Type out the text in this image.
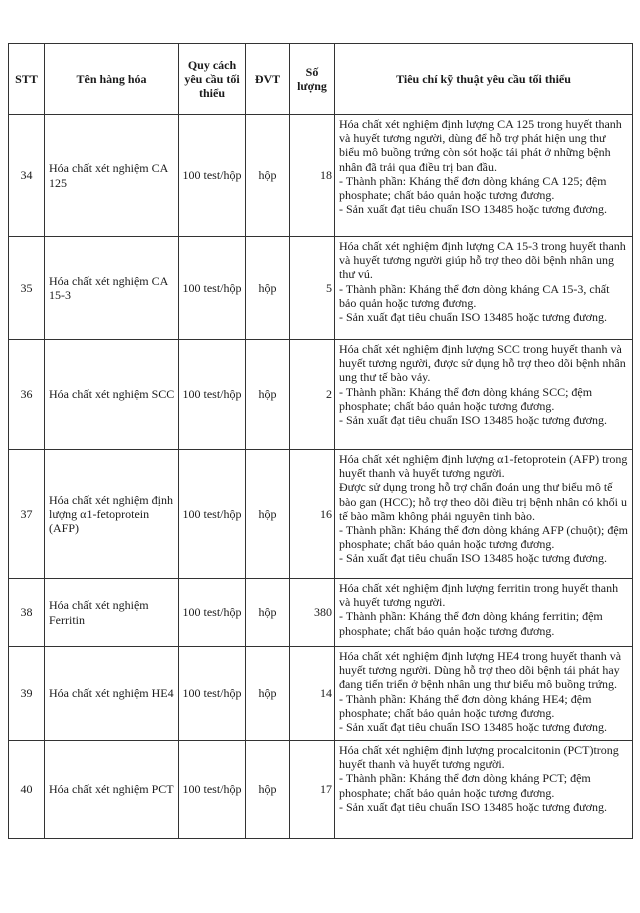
STT	Tên hàng hóa	Quy cách yêu cầu tối thiểu	ĐVT	Số lượng	Tiêu chí kỹ thuật yêu cầu tối thiểu
34	Hóa chất xét nghiệm CA 125	100 test/hộp	hộp	18	Hóa chất xét nghiệm định lượng CA 125 trong huyết thanh và huyết tương người, dùng để hỗ trợ phát hiện ung thư biểu mô buồng trứng còn sót hoặc tái phát ở những bệnh nhân đã trải qua điều trị ban đầu.
- Thành phần: Kháng thể đơn dòng kháng CA 125; đệm phosphate; chất bảo quản hoặc tương đương.
- Sản xuất đạt tiêu chuẩn ISO 13485 hoặc tương đương.

35	Hóa chất xét nghiệm CA 15-3	100 test/hộp	hộp	5	Hóa chất xét nghiệm định lượng CA 15-3 trong huyết thanh và huyết tương người giúp hỗ trợ theo dõi bệnh nhân ung thư vú.
- Thành phần: Kháng thể đơn dòng kháng CA 15-3, chất bảo quản hoặc tương đương.
- Sản xuất đạt tiêu chuẩn ISO 13485 hoặc tương đương.

36	Hóa chất xét nghiệm SCC	100 test/hộp	hộp	2	Hóa chất xét nghiệm định lượng SCC trong huyết thanh và huyết tương người, được sử dụng hỗ trợ theo dõi bệnh nhân ung thư tế bào vảy.
- Thành phần: Kháng thể đơn dòng kháng SCC; đệm phosphate; chất bảo quản hoặc tương đương.
- Sản xuất đạt tiêu chuẩn ISO 13485 hoặc tương đương.

37	Hóa chất xét nghiệm định lượng α1-fetoprotein (AFP)	100 test/hộp	hộp	16	Hóa chất xét nghiệm định lượng α1-fetoprotein (AFP) trong huyết thanh và huyết tương người.
Được sử dụng trong hỗ trợ chẩn đoán ung thư biểu mô tế bào gan (HCC); hỗ trợ theo dõi điều trị bệnh nhân có khối u tế bào mầm không phải nguyên tinh bào.
- Thành phần: Kháng thể đơn dòng kháng AFP (chuột); đệm phosphate; chất bảo quản hoặc tương đương.
- Sản xuất đạt tiêu chuẩn ISO 13485 hoặc tương đương.

38	Hóa chất xét nghiệm Ferritin	100 test/hộp	hộp	380	Hóa chất xét nghiệm định lượng ferritin trong huyết thanh và huyết tương người.
- Thành phần: Kháng thể đơn dòng kháng ferritin; đệm phosphate; chất bảo quản hoặc tương đương.

39	Hóa chất xét nghiệm HE4	100 test/hộp	hộp	14	Hóa chất xét nghiệm định lượng HE4 trong huyết thanh và huyết tương người. Dùng hỗ trợ theo dõi bệnh tái phát hay đang tiến triển ở bệnh nhân ung thư biểu mô buồng trứng.
- Thành phần: Kháng thể đơn dòng kháng HE4; đệm phosphate; chất bảo quản hoặc tương đương.
- Sản xuất đạt tiêu chuẩn ISO 13485 hoặc tương đương.

40	Hóa chất xét nghiệm PCT	100 test/hộp	hộp	17	Hóa chất xét nghiệm định lượng procalcitonin (PCT)trong huyết thanh và huyết tương người.
- Thành phần: Kháng thể đơn dòng kháng PCT; đệm phosphate; chất bảo quản hoặc tương đương.
- Sản xuất đạt tiêu chuẩn ISO 13485 hoặc tương đương.
